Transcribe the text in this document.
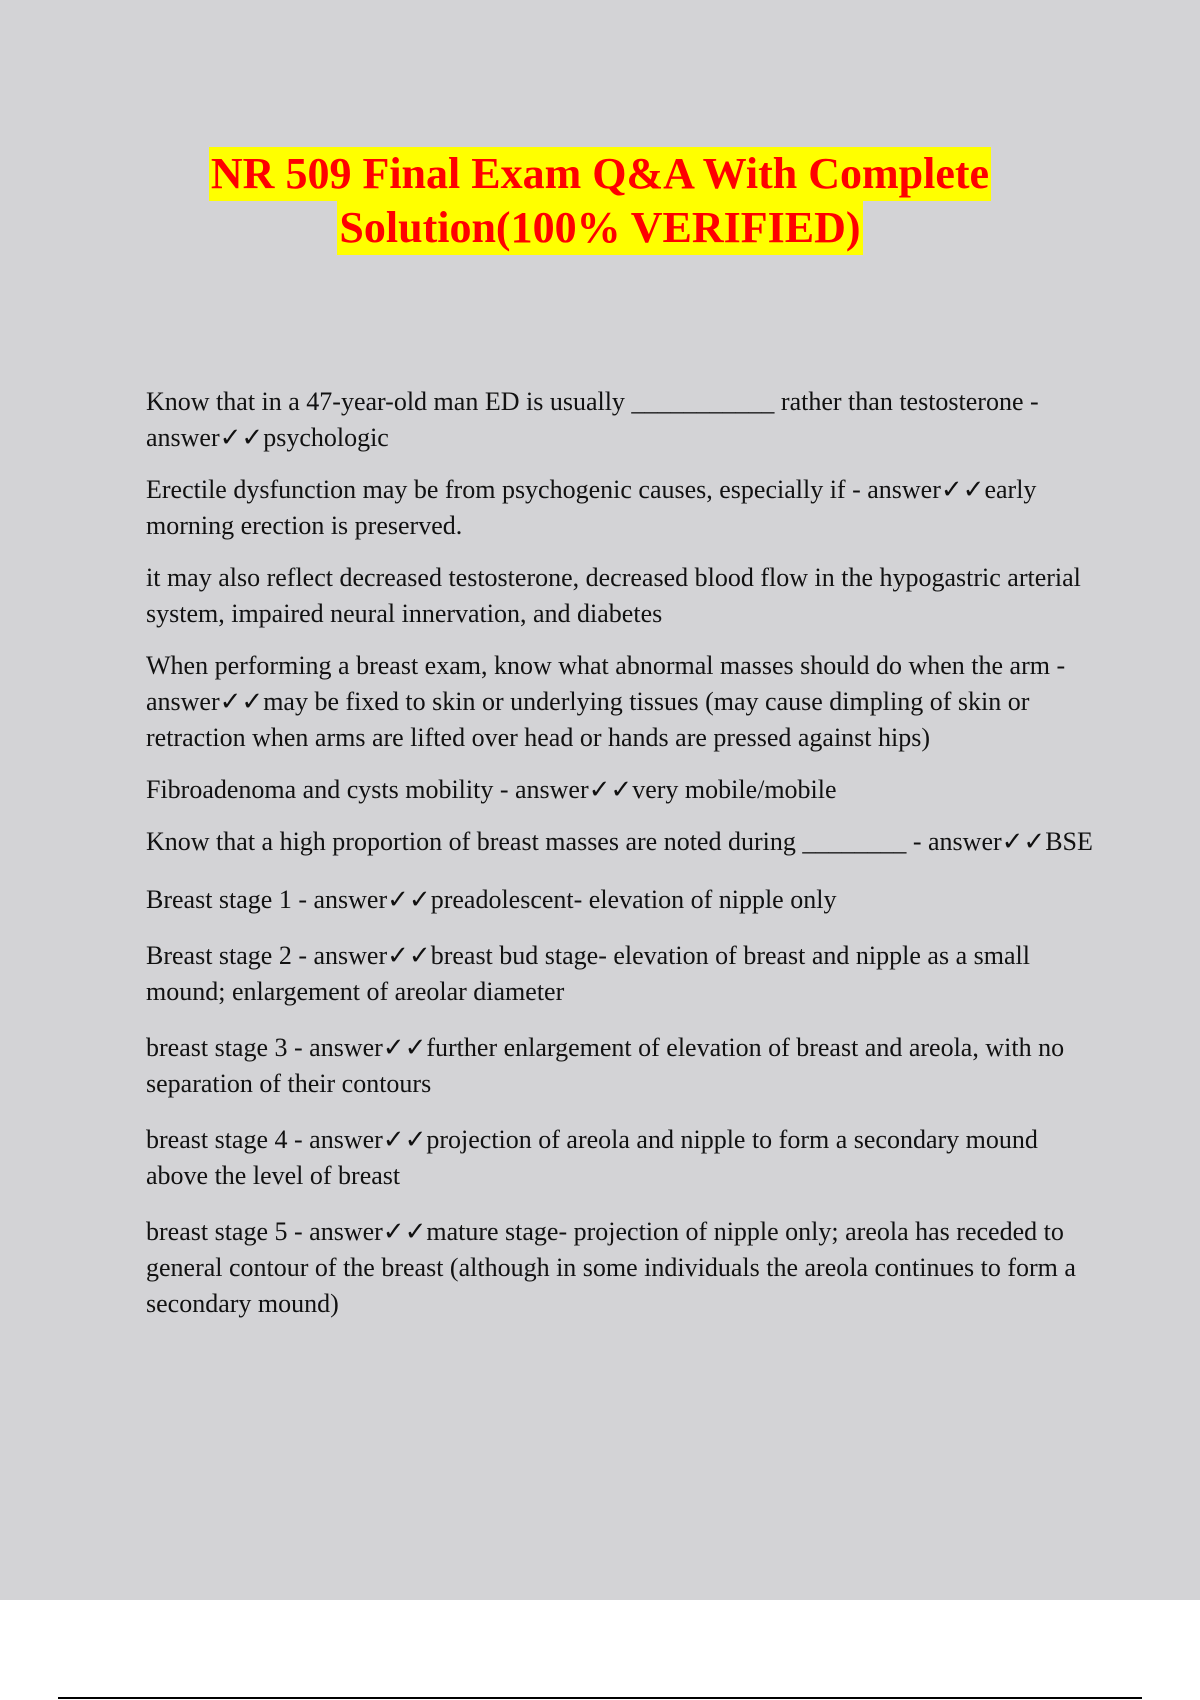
NR 509 Final Exam Q&A With Complete
Solution(100% VERIFIED)

Know that in a 47-year-old man ED is usually ___________ rather than testosterone - answer✓✓psychologic

Erectile dysfunction may be from psychogenic causes, especially if - answer✓✓early morning erection is preserved.

it may also reflect decreased testosterone, decreased blood flow in the hypogastric arterial system, impaired neural innervation, and diabetes

When performing a breast exam, know what abnormal masses should do when the arm - answer✓✓may be fixed to skin or underlying tissues (may cause dimpling of skin or retraction when arms are lifted over head or hands are pressed against hips)

Fibroadenoma and cysts mobility - answer✓✓very mobile/mobile

Know that a high proportion of breast masses are noted during ________ - answer✓✓BSE

Breast stage 1 - answer✓✓preadolescent- elevation of nipple only

Breast stage 2 - answer✓✓breast bud stage- elevation of breast and nipple as a small mound; enlargement of areolar diameter

breast stage 3 - answer✓✓further enlargement of elevation of breast and areola, with no separation of their contours

breast stage 4 - answer✓✓projection of areola and nipple to form a secondary mound above the level of breast

breast stage 5 - answer✓✓mature stage- projection of nipple only; areola has receded to general contour of the breast (although in some individuals the areola continues to form a secondary mound)
